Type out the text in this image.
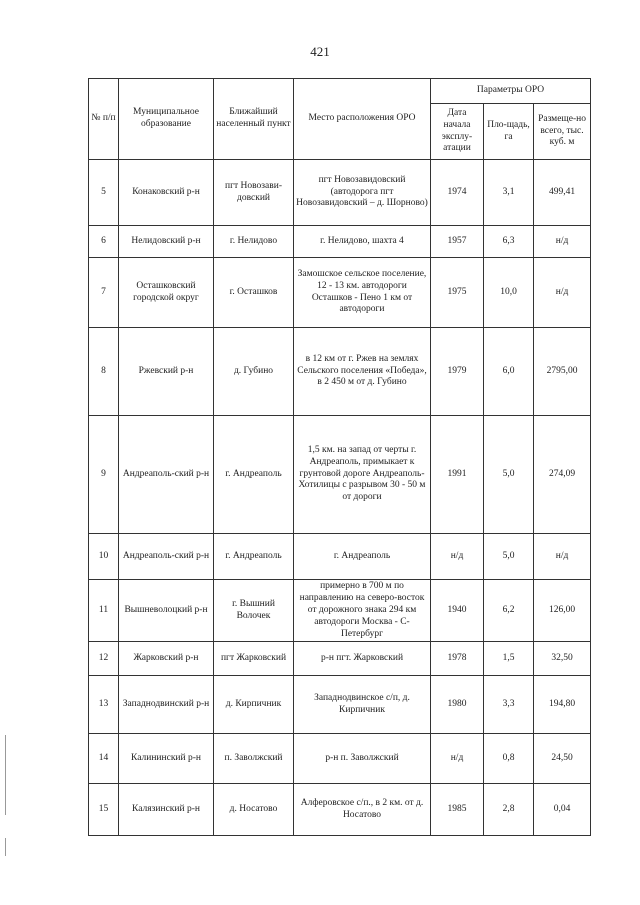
421
№ п/п	Муниципальное образование	Ближайший населенный пункт	Место расположения ОРО	Параметры ОРО		
				Дата начала эксплу-атации	Пло-щадь, га	Размеще-но всего, тыс. куб. м
5	Конаковский р-н	пгт Новозави-довский	пгт Новозавидовский (автодорога пгт Новозавидовский – д. Шорново)	1974	3,1	499,41
6	Нелидовский р-н	г. Нелидово	г. Нелидово, шахта 4	1957	6,3	н/д
7	Осташковский городской округ	г. Осташков	Замошское сельское поселение, 12 - 13 км. автодороги Осташков - Пено 1 км от автодороги	1975	10,0	н/д
8	Ржевский р-н	д. Губино	в 12 км от г. Ржев на землях Сельского поселения «Победа», в 2 450 м от д. Губино	1979	6,0	2795,00
9	Андреаполь-ский р-н	г. Андреаполь	1,5 км. на запад от черты г. Андреаполь, примыкает к грунтовой дороге Андреаполь-Хотилицы с разрывом 30 - 50 м от дороги	1991	5,0	274,09
10	Андреаполь-ский р-н	г. Андреаполь	г. Андреаполь	н/д	5,0	н/д
11	Вышневолоцкий р-н	г. Вышний Волочек	примерно в 700 м по направлению на северо-восток от дорожного знака 294 км автодороги Москва - С-Петербург	1940	6,2	126,00
12	Жарковский р-н	пгт Жарковский	р-н пгт. Жарковский	1978	1,5	32,50
13	Западнодвинский р-н	д. Кирпичник	Западнодвинское с/п, д. Кирпичник	1980	3,3	194,80
14	Калининский р-н	п. Заволжский	р-н п. Заволжский	н/д	0,8	24,50
15	Калязинский р-н	д. Носатово	Алферовское с/п., в 2 км. от д. Носатово	1985	2,8	0,04
